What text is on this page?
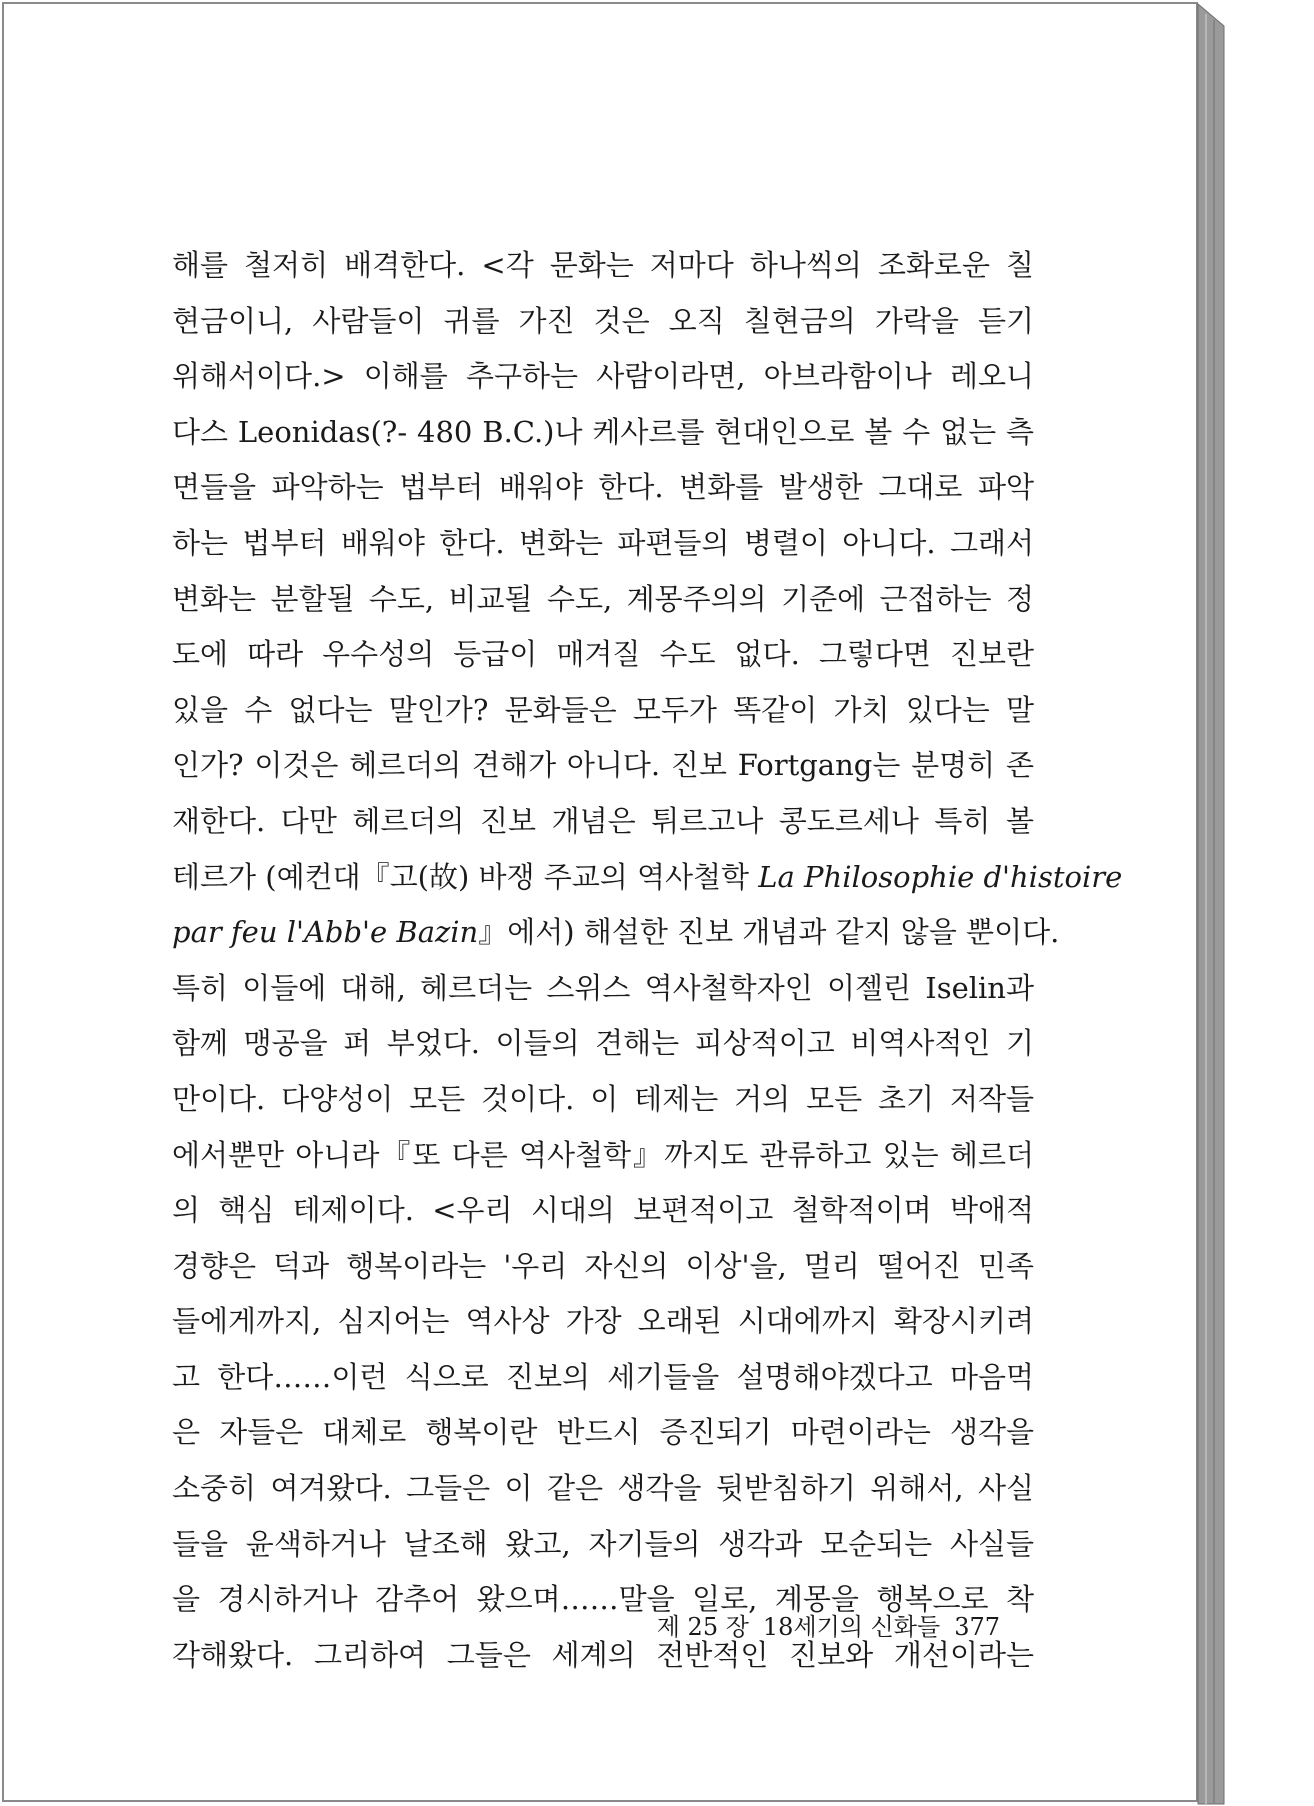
해를 철저히 배격한다. <각 문화는 저마다 하나씩의 조화로운 칠
현금이니, 사람들이 귀를 가진 것은 오직 칠현금의 가락을 듣기
위해서이다.> 이해를 추구하는 사람이라면, 아브라함이나 레오니
다스 Leonidas(?- 480 B.C.)나 케사르를 현대인으로 볼 수 없는 측
면들을 파악하는 법부터 배워야 한다. 변화를 발생한 그대로 파악
하는 법부터 배워야 한다. 변화는 파편들의 병렬이 아니다. 그래서
변화는 분할될 수도, 비교될 수도, 계몽주의의 기준에 근접하는 정
도에 따라 우수성의 등급이 매겨질 수도 없다. 그렇다면 진보란
있을 수 없다는 말인가? 문화들은 모두가 똑같이 가치 있다는 말
인가? 이것은 헤르더의 견해가 아니다. 진보 Fortgang는 분명히 존
재한다. 다만 헤르더의 진보 개념은 튀르고나 콩도르세나 특히 볼
테르가 (예컨대『고(故) 바쟁 주교의 역사철학 La Philosophie d'histoire
par feu l'Abb'e Bazin』에서) 해설한 진보 개념과 같지 않을 뿐이다.
특히 이들에 대해, 헤르더는 스위스 역사철학자인 이젤린 Iselin과
함께 맹공을 퍼 부었다. 이들의 견해는 피상적이고 비역사적인 기
만이다. 다양성이 모든 것이다. 이 테제는 거의 모든 초기 저작들
에서뿐만 아니라『또 다른 역사철학』까지도 관류하고 있는 헤르더
의 핵심 테제이다. <우리 시대의 보편적이고 철학적이며 박애적
경향은 덕과 행복이라는 '우리 자신의 이상'을, 멀리 떨어진 민족
들에게까지, 심지어는 역사상 가장 오래된 시대에까지 확장시키려
고 한다……이런 식으로 진보의 세기들을 설명해야겠다고 마음먹
은 자들은 대체로 행복이란 반드시 증진되기 마련이라는 생각을
소중히 여겨왔다. 그들은 이 같은 생각을 뒷받침하기 위해서, 사실
들을 윤색하거나 날조해 왔고, 자기들의 생각과 모순되는 사실들
을 경시하거나 감추어 왔으며……말을 일로, 계몽을 행복으로 착
각해왔다. 그리하여 그들은 세계의 전반적인 진보와 개선이라는
제 25 장 18세기의 신화들 377
